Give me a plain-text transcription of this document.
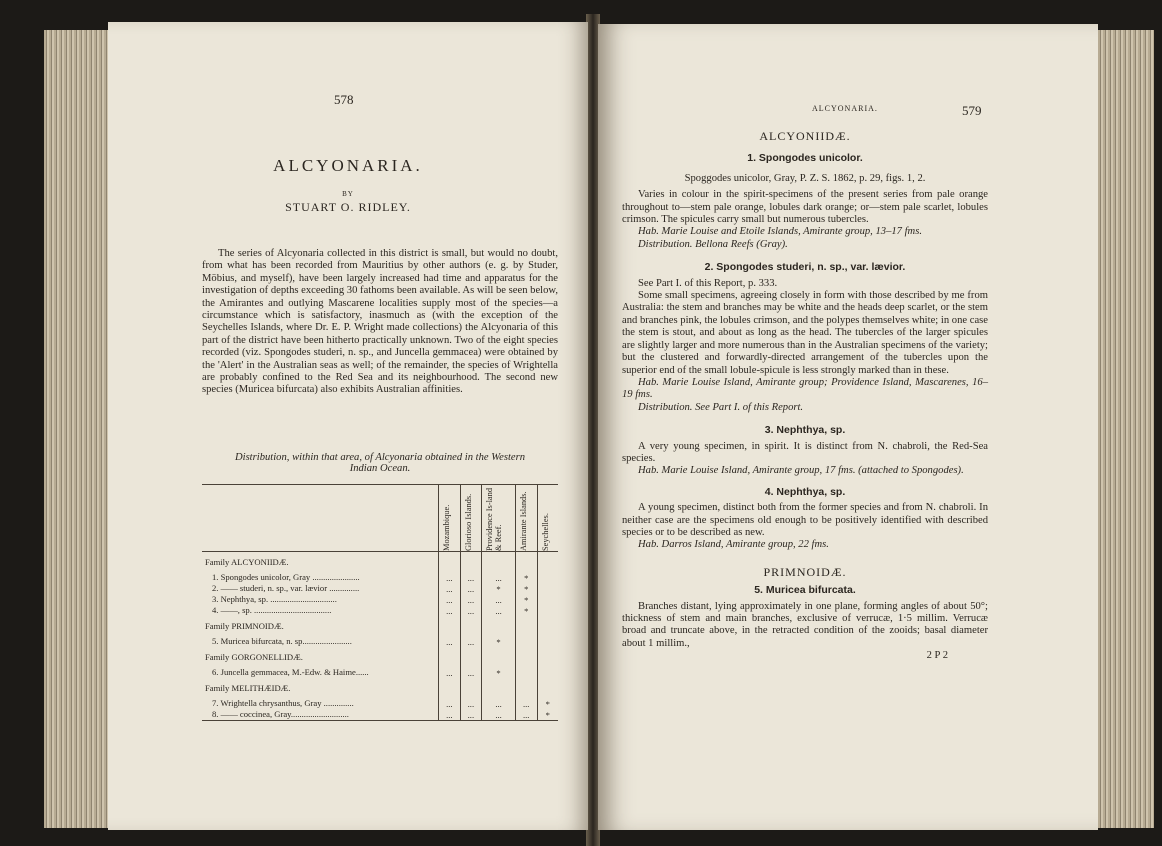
578
ALCYONARIA.
BY
STUART O. RIDLEY.

The series of Alcyonaria collected in this district is small, but would no doubt, from what has been recorded from Mauritius by other authors (e. g. by Studer, Möbius, and myself), have been largely increased had time and apparatus for the investigation of depths exceeding 30 fathoms been available. As will be seen below, the Amirantes and outlying Mascarene localities supply most of the species—a circumstance which is satisfactory, inasmuch as (with the exception of the Seychelles Islands, where Dr. E. P. Wright made collections) the Alcyonaria of this part of the district have been hitherto practically unknown. Two of the eight species recorded (viz. Spongodes studeri, n. sp., and Juncella gemmacea) were obtained by the 'Alert' in the Australian seas as well; of the remainder, the species of Wrightella are probably confined to the Red Sea and its neighbourhood. The second new species (Muricea bifurcata) also exhibits Australian affinities.

Distribution, within that area, of Alcyonaria obtained in the Western
Indian Ocean.

	Mozambique.	Glorioso Islands.	Providence Is-land & Reef.	Amirante Islands.	Seychelles.

Family ALCYONIIDÆ.					
1. Spongodes unicolor, Gray ......................	...	...	...	*	
2. —— studeri, n. sp., var. lævior ..............	...	...	*	*	
3. Nephthya, sp. ...............................	...	...	...	*	
4. ——, sp. ....................................	...	...	...	*	
Family PRIMNOIDÆ.					
5. Muricea bifurcata, n. sp.......................	...	...	*		
Family GORGONELLIDÆ.					
6. Juncella gemmacea, M.-Edw. & Haime......	...	...	*		
Family MELITHÆIDÆ.					
7. Wrightella chrysanthus, Gray ..............	...	...	...	...	*
8. —— coccinea, Gray...........................	...	...	...	...	*
ALCYONARIA.	579
ALCYONIIDÆ.
1. Spongodes unicolor.
Spoggodes unicolor, Gray, P. Z. S. 1862, p. 29, figs. 1, 2.

Varies in colour in the spirit-specimens of the present series from pale orange throughout to—stem pale orange, lobules dark orange; or—stem pale scarlet, lobules crimson. The spicules carry small but numerous tubercles.

Hab. Marie Louise and Etoile Islands, Amirante group, 13–17 fms.

Distribution. Bellona Reefs (Gray).

2. Spongodes studeri, n. sp., var. lævior.

See Part I. of this Report, p. 333.

Some small specimens, agreeing closely in form with those described by me from Australia: the stem and branches may be white and the heads deep scarlet, or the stem and branches pink, the lobules crimson, and the polypes themselves white; in one case the stem is stout, and about as long as the head. The tubercles of the larger spicules are slightly larger and more numerous than in the Australian specimens of the variety; but the clustered and forwardly-directed arrangement of the tubercles upon the superior end of the small lobule-spicule is less strongly marked than in these.

Hab. Marie Louise Island, Amirante group; Providence Island, Mascarenes, 16–19 fms.

Distribution. See Part I. of this Report.

3. Nephthya, sp.

A very young specimen, in spirit. It is distinct from N. chabroli, the Red-Sea species.

Hab. Marie Louise Island, Amirante group, 17 fms. (attached to Spongodes).

4. Nephthya, sp.

A young specimen, distinct both from the former species and from N. chabroli. In neither case are the specimens old enough to be positively identified with described species or to be described as new.

Hab. Darros Island, Amirante group, 22 fms.

PRIMNOIDÆ.
5. Muricea bifurcata.

Branches distant, lying approximately in one plane, forming angles of about 50°; thickness of stem and main branches, exclusive of verrucæ, 1·5 millim. Verrucæ broad and truncate above, in the retracted condition of the zooids; basal diameter about 1 millim.,

2 P 2
